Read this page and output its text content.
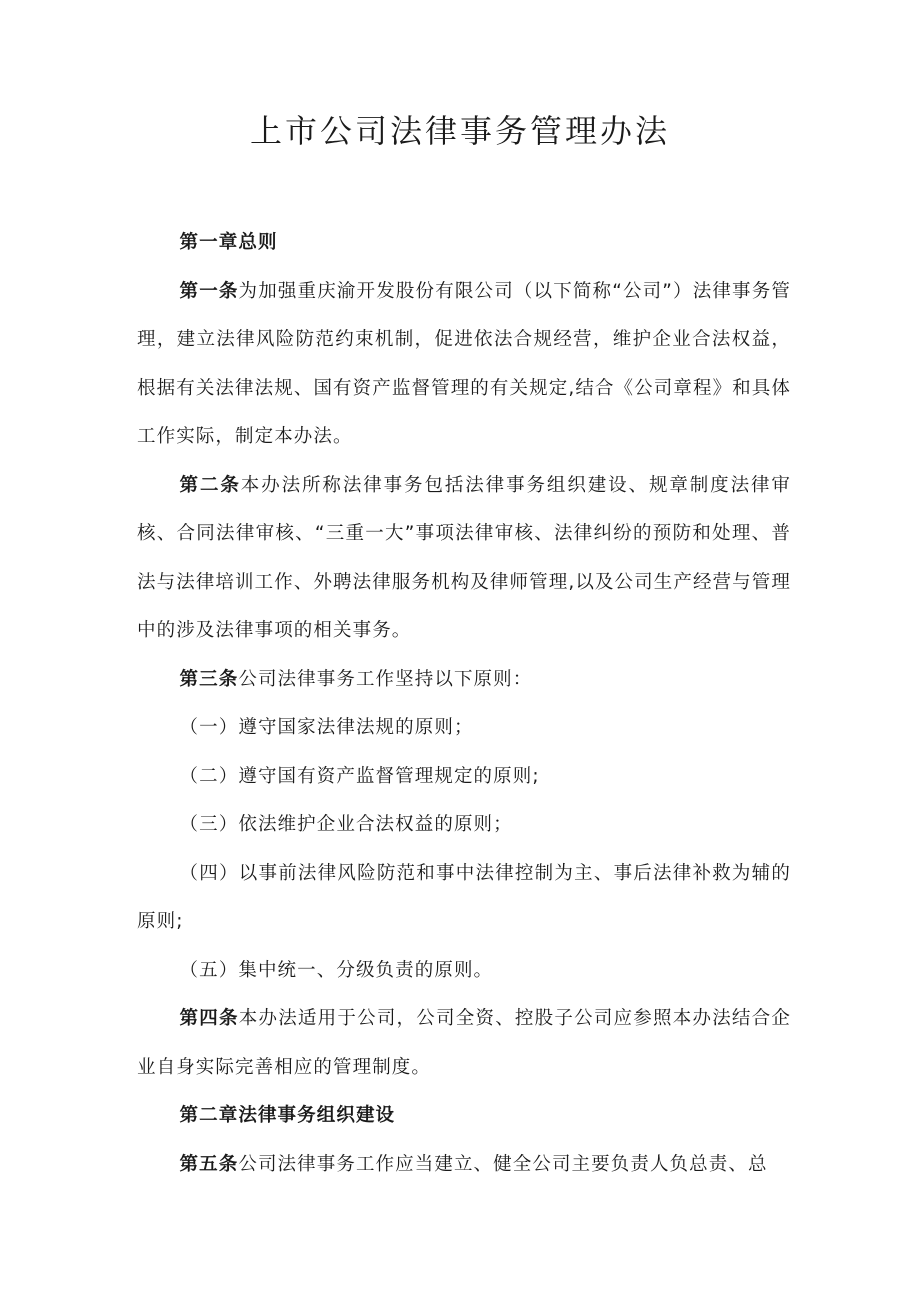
上市公司法律事务管理办法

第一章总则

第一条为加强重庆渝开发股份有限公司（以下简称“公司”）法律事务管理，建立法律风险防范约束机制，促进依法合规经营，维护企业合法权益，根据有关法律法规、国有资产监督管理的有关规定,结合《公司章程》和具体工作实际，制定本办法。

第二条本办法所称法律事务包括法律事务组织建设、规章制度法律审核、合同法律审核、“三重一大”事项法律审核、法律纠纷的预防和处理、普法与法律培训工作、外聘法律服务机构及律师管理,以及公司生产经营与管理中的涉及法律事项的相关事务。

第三条公司法律事务工作坚持以下原则：

（一）遵守国家法律法规的原则；

（二）遵守国有资产监督管理规定的原则;

（三）依法维护企业合法权益的原则；

（四）以事前法律风险防范和事中法律控制为主、事后法律补救为辅的原则;

（五）集中统一、分级负责的原则。

第四条本办法适用于公司，公司全资、控股子公司应参照本办法结合企业自身实际完善相应的管理制度。

第二章法律事务组织建设

第五条公司法律事务工作应当建立、健全公司主要负责人负总责、总
